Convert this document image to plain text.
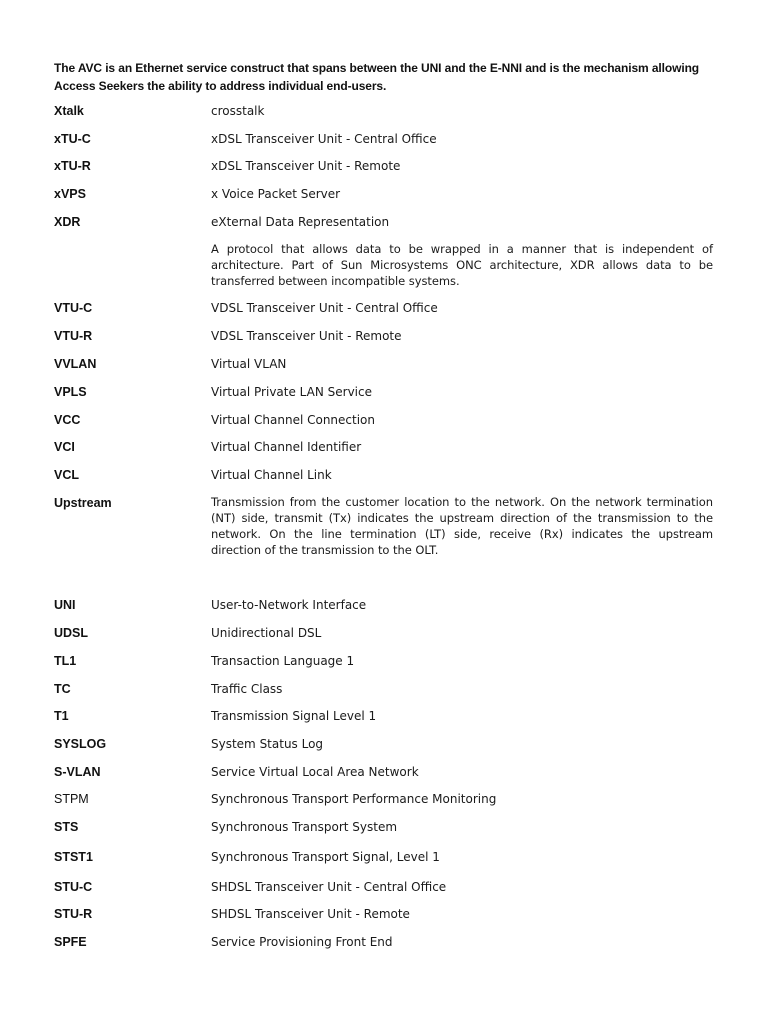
The AVC is an Ethernet service construct that spans between the UNI and the E-NNI and is the mechanism allowing Access Seekers the ability to address individual end-users.
Xtalk	crosstalk
xTU-C	xDSL Transceiver Unit - Central Office
xTU-R	xDSL Transceiver Unit - Remote
xVPS	x Voice Packet Server
XDR	eXternal Data Representation
A protocol that allows data to be wrapped in a manner that is independent of architecture. Part of Sun Microsystems ONC architecture, XDR allows data to be transferred between incompatible systems.
VTU-C	VDSL Transceiver Unit - Central Office
VTU-R	VDSL Transceiver Unit - Remote
VVLAN	Virtual VLAN
VPLS	Virtual Private LAN Service
VCC	Virtual Channel Connection
VCI	Virtual Channel Identifier
VCL	Virtual Channel Link
Upstream	Transmission from the customer location to the network. On the network termination (NT) side, transmit (Tx) indicates the upstream direction of the transmission to the network. On the line termination (LT) side, receive (Rx) indicates the upstream direction of the transmission to the OLT.
UNI	User-to-Network Interface
UDSL	Unidirectional DSL
TL1	Transaction Language 1
TC	Traffic Class
T1	Transmission Signal Level 1
SYSLOG	System Status Log
S-VLAN	Service Virtual Local Area Network
STPM	Synchronous Transport Performance Monitoring
STS	Synchronous Transport System
STST1	Synchronous Transport Signal, Level 1
STU-C	SHDSL Transceiver Unit - Central Office
STU-R	SHDSL Transceiver Unit - Remote
SPFE	Service Provisioning Front End
